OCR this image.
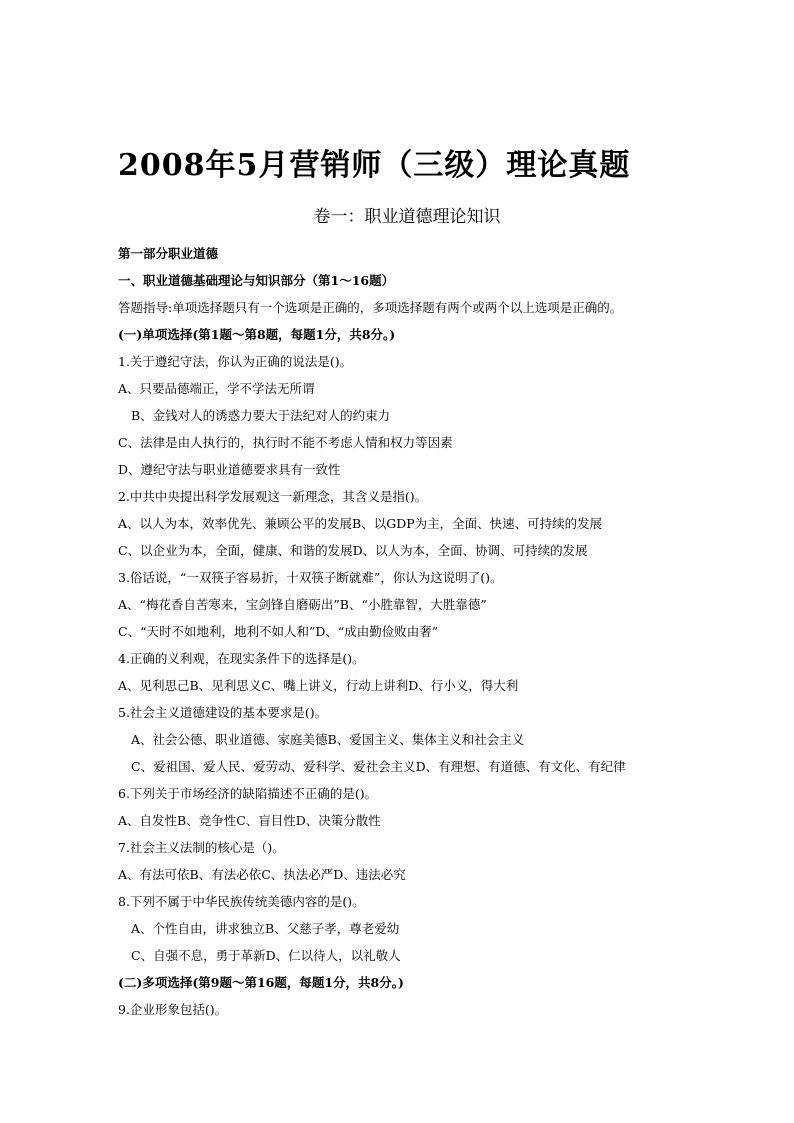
2008年5月营销师（三级）理论真题
卷一：职业道德理论知识
第一部分职业道德
一、职业道德基础理论与知识部分（第1～16题）
答题指导:单项选择题只有一个选项是正确的，多项选择题有两个或两个以上选项是正确的。
(一)单项选择(第1题～第8题，每题1分，共8分。)
1.关于遵纪守法，你认为正确的说法是()。
A、只要品德端正，学不学法无所谓
B、金钱对人的诱惑力要大于法纪对人的约束力
C、法律是由人执行的，执行时不能不考虑人情和权力等因素
D、遵纪守法与职业道德要求具有一致性
2.中共中央提出科学发展观这一新理念，其含义是指()。
A、以人为本，效率优先、兼顾公平的发展B、以GDP为主，全面、快速、可持续的发展
C、以企业为本，全面，健康、和谐的发展D、以人为本，全面、协调、可持续的发展
3.俗话说，“一双筷子容易折，十双筷子断就难”，你认为这说明了()。
A、“梅花香自苦寒来，宝剑锋自磨砺出”B、“小胜靠智，大胜靠德”
C、“天时不如地利，地利不如人和”D、“成由勤俭败由奢”
4.正确的义利观，在现实条件下的选择是()。
A、见利思己B、见利思义C、嘴上讲义，行动上讲利D、行小义，得大利
5.社会主义道德建设的基本要求是()。
A、社会公德、职业道德、家庭美德B、爱国主义、集体主义和社会主义
C、爱祖国、爱人民、爱劳动、爱科学、爱社会主义D、有理想、有道德、有文化、有纪律
6.下列关于市场经济的缺陷描述不正确的是()。
A、自发性B、竞争性C、盲目性D、决策分散性
7.社会主义法制的核心是（)。
A、有法可依B、有法必依C、执法必严D、违法必究
8.下列不属于中华民族传统美德内容的是()。
A、个性自由，讲求独立B、父慈子孝，尊老爱幼
C、自强不息，勇于革新D、仁以待人，以礼敬人
(二)多项选择(第9题～第16题，每题1分，共8分。)
9.企业形象包括()。
